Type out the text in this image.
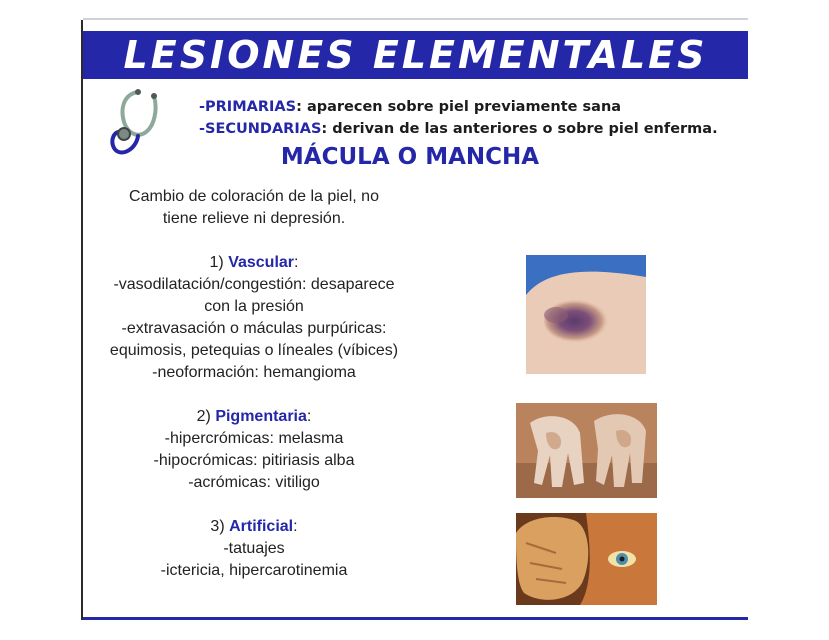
LESIONES ELEMENTALES
-PRIMARIAS: aparecen sobre piel previamente sana
-SECUNDARIAS: derivan de las anteriores o sobre piel enferma.
MÁCULA O MANCHA
Cambio de coloración de la piel, no
tiene relieve ni depresión.
1) Vascular:
-vasodilatación/congestión: desaparece
con la presión
-extravasación o máculas purpúricas:
equimosis, petequias o líneales (víbices)
-neoformación: hemangioma
2) Pigmentaria:
-hipercrómicas: melasma
-hipocrómicas: pitiriasis alba
-acrómicas: vitiligo
3) Artificial:
-tatuajes
-ictericia, hipercarotinemia
